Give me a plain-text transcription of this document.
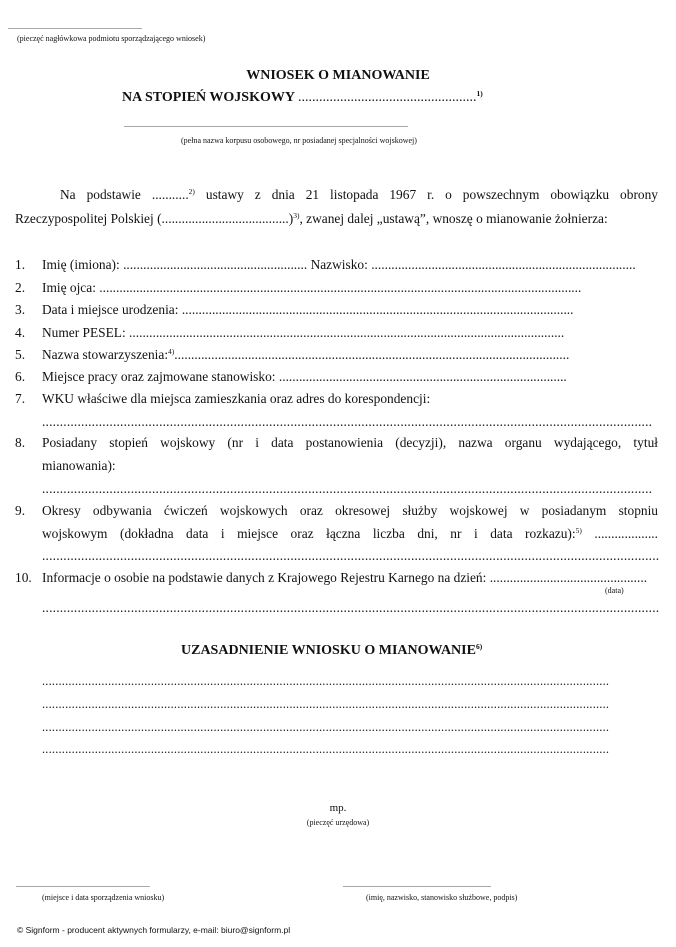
...................................................................
(pieczęć nagłówkowa podmiotu sporządzającego wniosek)
WNIOSEK O MIANOWANIE
NA STOPIEŃ WOJSKOWY ...................................................$^{1)}$
..............................................................................................................................................
(pełna nazwa korpusu osobowego, nr posiadanej specjalności wojskowej)
Na podstawie ...........$^{2)}$ ustawy z dnia 21 listopada 1967 r. o powszechnym obowiązku obrony
Rzeczypospolitej Polskiej (......................................)$^{3)}$, zwanej dalej „ustawą”, wnoszę o mianowanie żołnierza:
1. Imię (imiona): ....................................................... Nazwisko: ...............................................................................
2. Imię ojca: ................................................................................................................................................
3. Data i miejsce urodzenia: .....................................................................................................................
4. Numer PESEL: ..................................................................................................................................
5. Nazwa stowarzyszenia:$^{4)}$......................................................................................................................
6. Miejsce pracy oraz zajmowane stanowisko: ......................................................................................
7. WKU właściwe dla miejsca zamieszkania oraz adres do korespondencji:
............................................................................................................................................................................
8. Posiadany stopień wojskowy (nr i data postanowienia (decyzji), nazwa organu wydającego, tytuł
mianowania):
............................................................................................................................................................................
9. Okresy odbywania ćwiczeń wojskowych oraz okresowej służby wojskowej w posiadanym stopniu
wojskowym (dokładna data i miejsce oraz łączna liczba dni, nr i data rozkazu):$^{5)}$ ...................
..............................................................................................................................................................................
10. Informacje o osobie na podstawie danych z Krajowego Rejestru Karnego na dzień: ...............................................
(data)
..............................................................................................................................................................................
UZASADNIENIE WNIOSKU O MIANOWANIE$^{6)}$
............................................................................................................................................................................
............................................................................................................................................................................
............................................................................................................................................................................
............................................................................................................................................................................
mp.
(pieczęć urzędowa)
...................................................................
(miejsce i data sporządzenia wniosku)
..........................................................................
(imię, nazwisko, stanowisko służbowe, podpis)
© Signform - producent aktywnych formularzy, e-mail: biuro@signform.pl
